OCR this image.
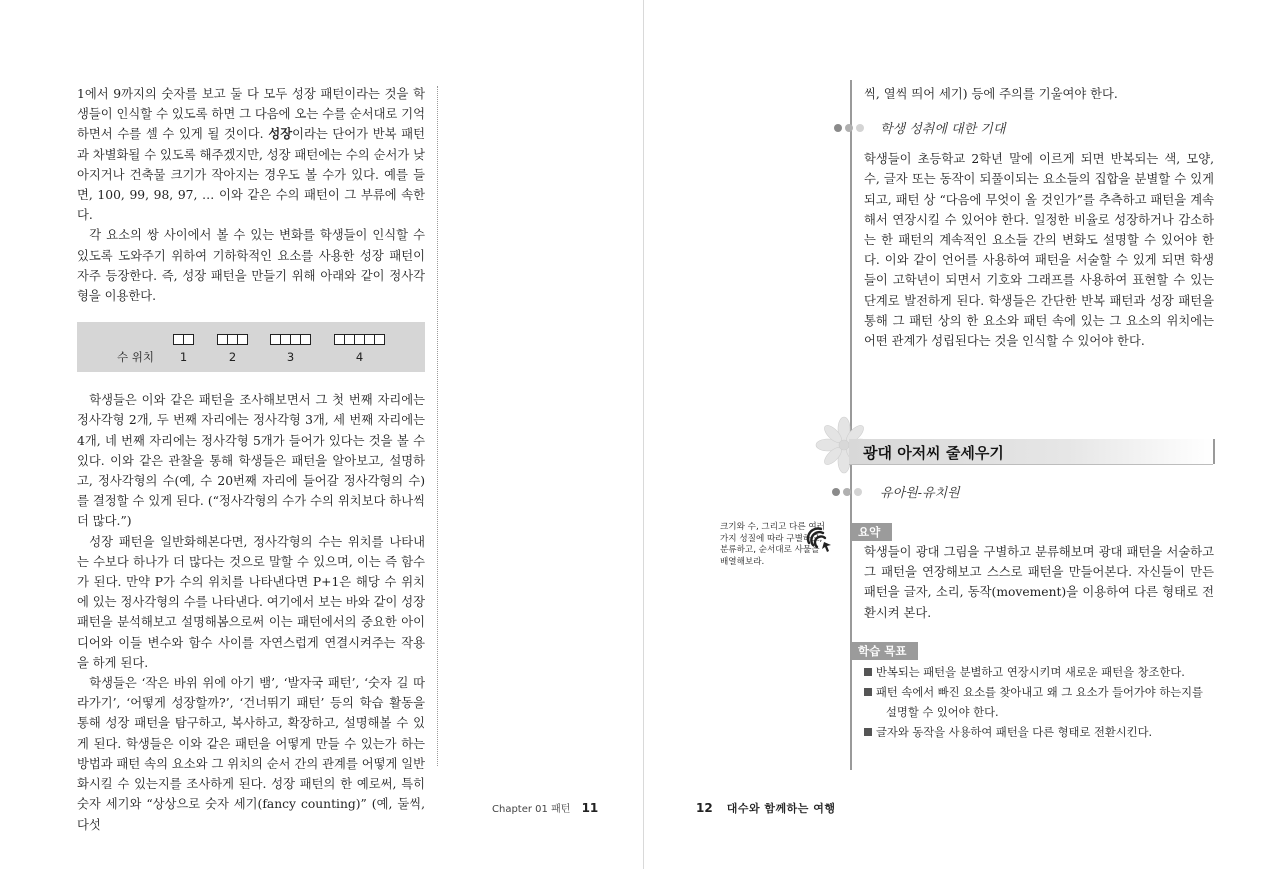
1에서 9까지의 숫자를 보고 둘 다 모두 성장 패턴이라는 것을 학생들이 인식할 수 있도록 하면 그 다음에 오는 수를 순서대로 기억하면서 수를 셀 수 있게 될 것이다. 성장이라는 단어가 반복 패턴과 차별화될 수 있도록 해주겠지만, 성장 패턴에는 수의 순서가 낮아지거나 건축물 크기가 작아지는 경우도 볼 수가 있다. 예를 들면, 100, 99, 98, 97, … 이와 같은 수의 패턴이 그 부류에 속한다.

각 요소의 쌍 사이에서 볼 수 있는 변화를 학생들이 인식할 수 있도록 도와주기 위하여 기하학적인 요소를 사용한 성장 패턴이 자주 등장한다. 즉, 성장 패턴을 만들기 위해 아래와 같이 정사각형을 이용한다.

수 위치	1	2	3	4

학생들은 이와 같은 패턴을 조사해보면서 그 첫 번째 자리에는 정사각형 2개, 두 번째 자리에는 정사각형 3개, 세 번째 자리에는 4개, 네 번째 자리에는 정사각형 5개가 들어가 있다는 것을 볼 수 있다. 이와 같은 관찰을 통해 학생들은 패턴을 알아보고, 설명하고, 정사각형의 수(예, 수 20번째 자리에 들어갈 정사각형의 수)를 결정할 수 있게 된다. (“정사각형의 수가 수의 위치보다 하나씩 더 많다.”)

성장 패턴을 일반화해본다면, 정사각형의 수는 위치를 나타내는 수보다 하나가 더 많다는 것으로 말할 수 있으며, 이는 즉 함수가 된다. 만약 P가 수의 위치를 나타낸다면 P+1은 해당 수 위치에 있는 정사각형의 수를 나타낸다. 여기에서 보는 바와 같이 성장 패턴을 분석해보고 설명해봄으로써 이는 패턴에서의 중요한 아이디어와 이들 변수와 함수 사이를 자연스럽게 연결시켜주는 작용을 하게 된다.

학생들은 ‘작은 바위 위에 아기 뱀’, ‘발자국 패턴’, ‘숫자 길 따라가기’, ‘어떻게 성장할까?’, ‘건너뛰기 패턴’ 등의 학습 활동을 통해 성장 패턴을 탐구하고, 복사하고, 확장하고, 설명해볼 수 있게 된다. 학생들은 이와 같은 패턴을 어떻게 만들 수 있는가 하는 방법과 패턴 속의 요소와 그 위치의 순서 간의 관계를 어떻게 일반화시킬 수 있는지를 조사하게 된다. 성장 패턴의 한 예로써, 특히 숫자 세기와 “상상으로 숫자 세기(fancy counting)” (예, 둘씩, 다섯

Chapter 01 패턴 11

씩, 열씩 띄어 세기) 등에 주의를 기울여야 한다.

학생 성취에 대한 기대

학생들이 초등학교 2학년 말에 이르게 되면 반복되는 색, 모양, 수, 글자 또는 동작이 되풀이되는 요소들의 집합을 분별할 수 있게 되고, 패턴 상 “다음에 무엇이 올 것인가”를 추측하고 패턴을 계속해서 연장시킬 수 있어야 한다. 일정한 비율로 성장하거나 감소하는 한 패턴의 계속적인 요소들 간의 변화도 설명할 수 있어야 한다. 이와 같이 언어를 사용하여 패턴을 서술할 수 있게 되면 학생들이 고학년이 되면서 기호와 그래프를 사용하여 표현할 수 있는 단계로 발전하게 된다. 학생들은 간단한 반복 패턴과 성장 패턴을 통해 그 패턴 상의 한 요소와 패턴 속에 있는 그 요소의 위치에는 어떤 관계가 성립된다는 것을 인식할 수 있어야 한다.

광대 아저씨 줄세우기
유아원-유치원
크기와 수, 그리고 다른 여러 가지 성질에 따라 구별하고, 분류하고, 순서대로 사물을 배열해보라.
요약

학생들이 광대 그림을 구별하고 분류해보며 광대 패턴을 서술하고 그 패턴을 연장해보고 스스로 패턴을 만들어본다. 자신들이 만든 패턴을 글자, 소리, 동작(movement)을 이용하여 다른 형태로 전환시켜 본다.

학습 목표

반복되는 패턴을 분별하고 연장시키며 새로운 패턴을 창조한다.

패턴 속에서 빠진 요소를 찾아내고 왜 그 요소가 들어가야 하는지를 설명할 수 있어야 한다.

글자와 동작을 사용하여 패턴을 다른 형태로 전환시킨다.

12 대수와 함께하는 여행
